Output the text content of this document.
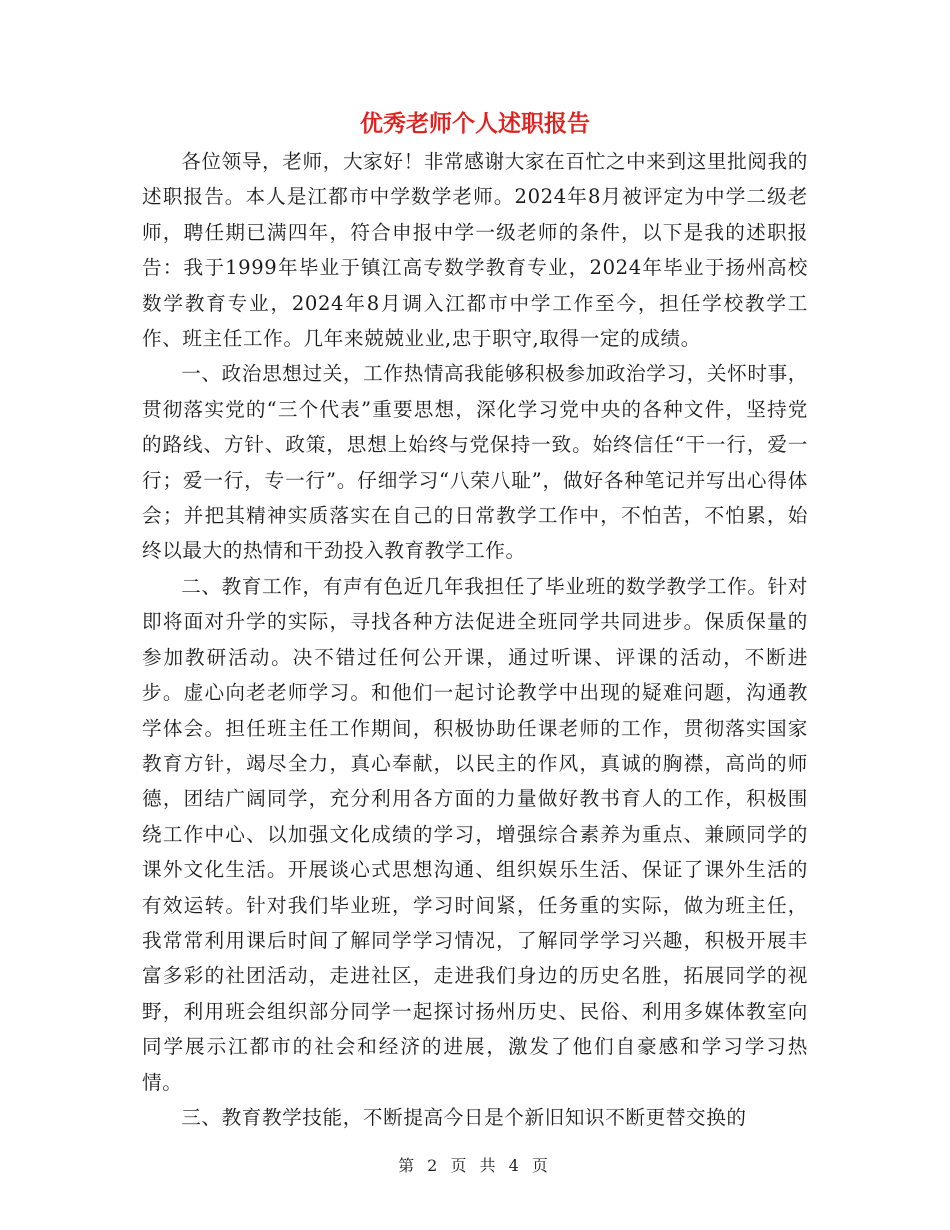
优秀老师个人述职报告

各位领导，老师，大家好！非常感谢大家在百忙之中来到这里批阅我的述职报告。本人是江都市中学数学老师。2024年8月被评定为中学二级老师，聘任期已满四年，符合申报中学一级老师的条件，以下是我的述职报告：我于1999年毕业于镇江高专数学教育专业，2024年毕业于扬州高校数学教育专业，2024年8月调入江都市中学工作至今，担任学校教学工作、班主任工作。几年来兢兢业业,忠于职守,取得一定的成绩。

一、政治思想过关，工作热情高我能够积极参加政治学习，关怀时事，贯彻落实党的“三个代表”重要思想，深化学习党中央的各种文件，坚持党的路线、方针、政策，思想上始终与党保持一致。始终信任“干一行，爱一行；爱一行，专一行”。仔细学习“八荣八耻”，做好各种笔记并写出心得体会；并把其精神实质落实在自己的日常教学工作中，不怕苦，不怕累，始终以最大的热情和干劲投入教育教学工作。

二、教育工作，有声有色近几年我担任了毕业班的数学教学工作。针对即将面对升学的实际，寻找各种方法促进全班同学共同进步。保质保量的参加教研活动。决不错过任何公开课，通过听课、评课的活动，不断进步。虚心向老老师学习。和他们一起讨论教学中出现的疑难问题，沟通教学体会。担任班主任工作期间，积极协助任课老师的工作，贯彻落实国家教育方针，竭尽全力，真心奉献，以民主的作风，真诚的胸襟，高尚的师德，团结广阔同学，充分利用各方面的力量做好教书育人的工作，积极围绕工作中心、以加强文化成绩的学习，增强综合素养为重点、兼顾同学的课外文化生活。开展谈心式思想沟通、组织娱乐生活、保证了课外生活的有效运转。针对我们毕业班，学习时间紧，任务重的实际，做为班主任，我常常利用课后时间了解同学学习情况，了解同学学习兴趣，积极开展丰富多彩的社团活动，走进社区，走进我们身边的历史名胜，拓展同学的视野，利用班会组织部分同学一起探讨扬州历史、民俗、利用多媒体教室向同学展示江都市的社会和经济的进展，激发了他们自豪感和学习学习热情。

三、教育教学技能，不断提高今日是个新旧知识不断更替交换的

第 2 页 共 4 页
